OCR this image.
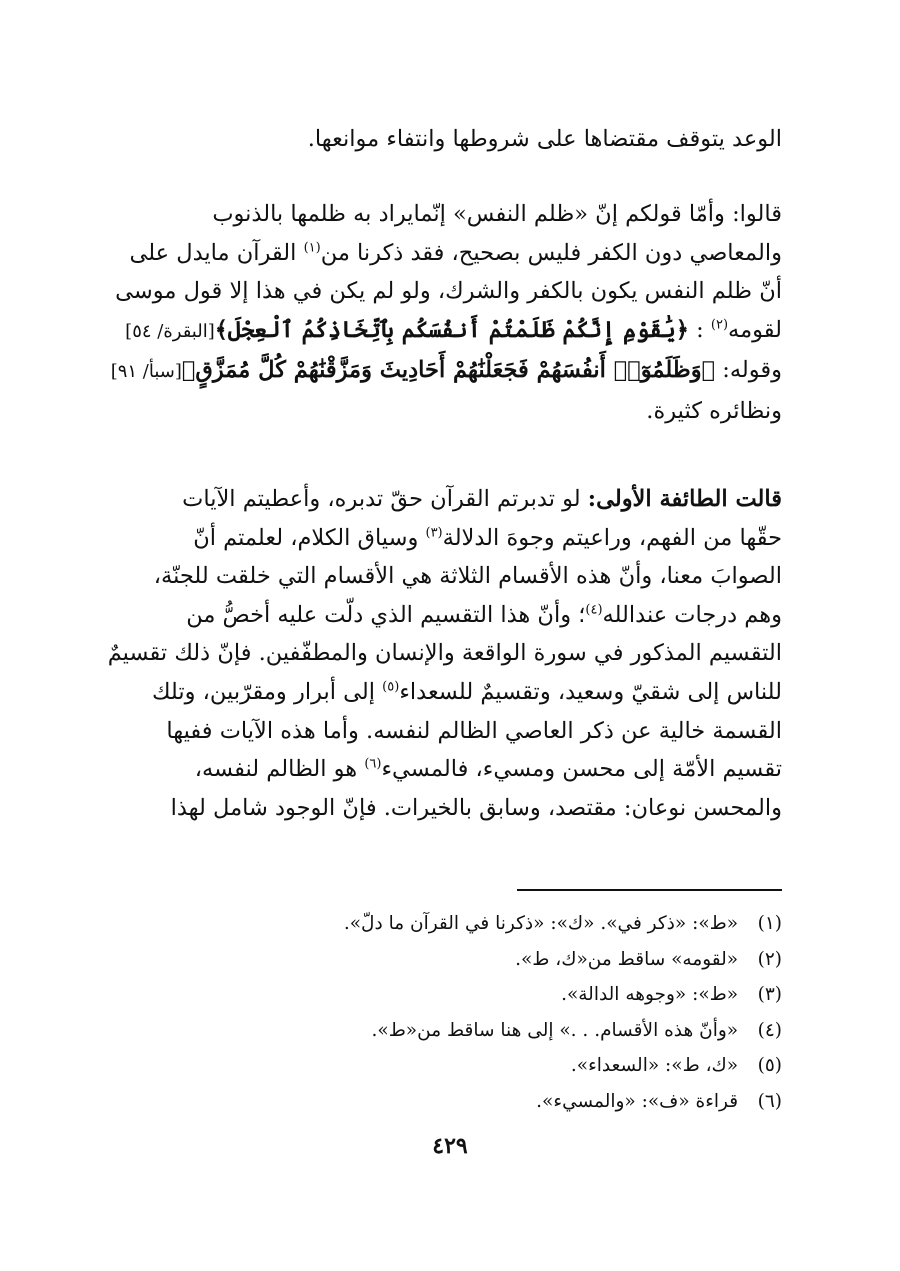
الوعد يتوقف مقتضاها على شروطها وانتفاء موانعها.
قالوا: وأمّا قولكم إنّ «ظلم النفس» إنّمايراد به ظلمها بالذنوب
والمعاصي دون الكفر فليس بصحيح، فقد ذكرنا من$^{(١)}$ القرآن مايدل على
أنّ ظلم النفس يكون بالكفر والشرك، ولو لم يكن في هذا إلا قول موسى
لقومه$^{(٢)}$ : ﴿يَٰقَوْمِ إِنَّكُمْ ظَلَمْتُمْ أَنفُسَكُم بِٱتِّخَاذِكُمُ ٱلْعِجْلَ﴾[البقرة/ ٥٤]
وقوله: ﴿وَظَلَمُوٓا۟ أَنفُسَهُمْ فَجَعَلْنَٰهُمْ أَحَادِيثَ وَمَزَّقْنَٰهُمْ كُلَّ مُمَزَّقٍ﴾[سبأ/ ٩١]
ونظائره كثيرة.
قالت الطائفة الأولى: لو تدبرتم القرآن حقّ تدبره، وأعطيتم الآيات
حقّها من الفهم، وراعيتم وجوهَ الدلالة$^{(٣)}$ وسياق الكلام، لعلمتم أنّ
الصوابَ معنا، وأنّ هذه الأقسام الثلاثة هي الأقسام التي خلقت للجنّة،
وهم درجات عندالله$^{(٤)}$؛ وأنّ هذا التقسيم الذي دلّت عليه أخصُّ من
التقسيم المذكور في سورة الواقعة والإنسان والمطفّفين. فإنّ ذلك تقسيمٌ
للناس إلى شقيّ وسعيد، وتقسيمٌ للسعداء$^{(٥)}$ إلى أبرار ومقرّبين، وتلك
القسمة خالية عن ذكر العاصي الظالم لنفسه. وأما هذه الآيات ففيها
تقسيم الأمّة إلى محسن ومسيء، فالمسيء$^{(٦)}$ هو الظالم لنفسه،
والمحسن نوعان: مقتصد، وسابق بالخيرات. فإنّ الوجود شامل لهذا
(١) «ط»: «ذكر في». «ك»: «ذكرنا في القرآن ما دلّ».
(٢) «لقومه» ساقط من«ك، ط».
(٣) «ط»: «وجوهه الدالة».
(٤) «وأنّ هذه الأقسام. . .» إلى هنا ساقط من«ط».
(٥) «ك، ط»: «السعداء».
(٦) قراءة «ف»: «والمسيء».
٤٢٩
